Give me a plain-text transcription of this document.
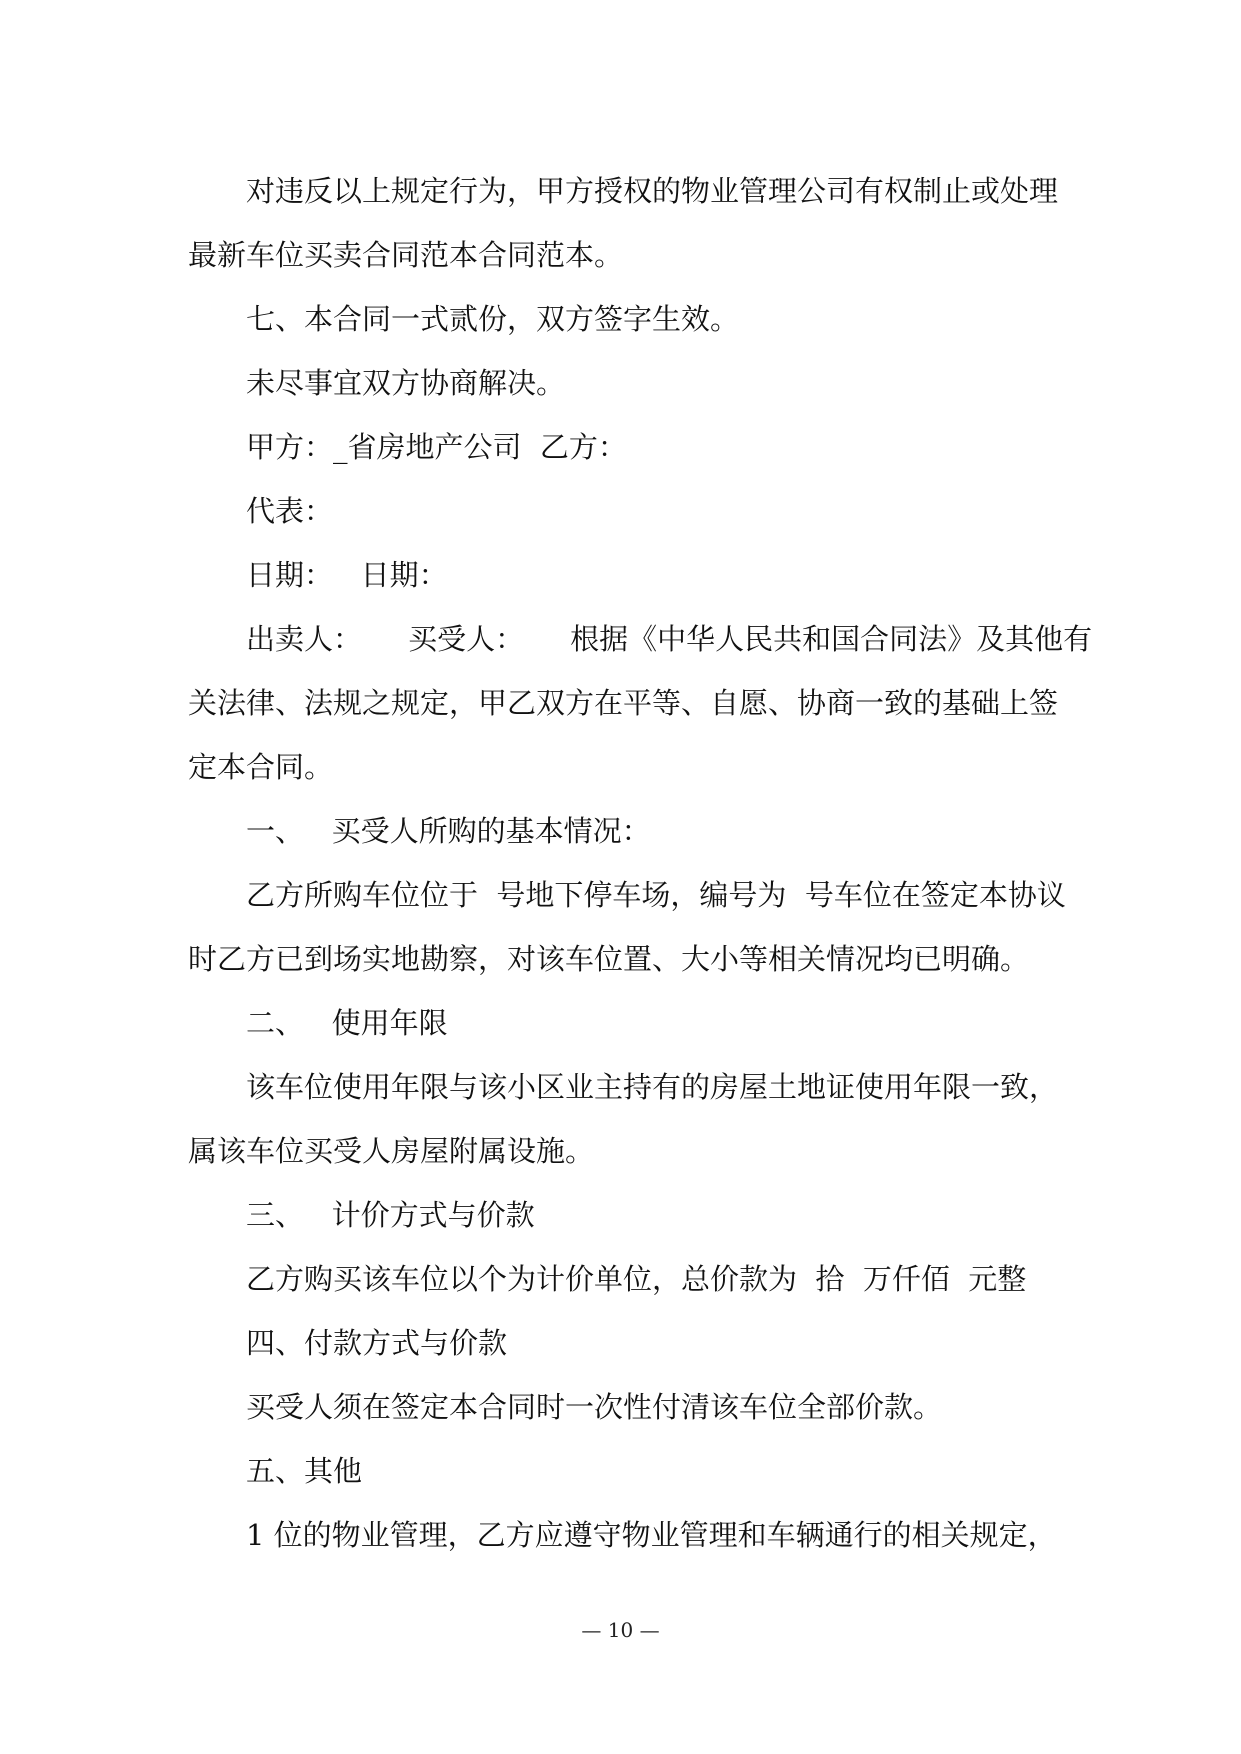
对违反以上规定行为，甲方授权的物业管理公司有权制止或处理

最新车位买卖合同范本合同范本。

七、本合同一式贰份，双方签字生效。

未尽事宜双方协商解决。

甲方：_省房地产公司  乙方：

代表：

日期：   日期：

出卖人：     买受人：     根据《中华人民共和国合同法》及其他有

关法律、法规之规定，甲乙双方在平等、自愿、协商一致的基础上签

定本合同。

一、   买受人所购的基本情况：

乙方所购车位位于  号地下停车场，编号为  号车位在签定本协议

时乙方已到场实地勘察，对该车位置、大小等相关情况均已明确。

二、   使用年限

该车位使用年限与该小区业主持有的房屋土地证使用年限一致，

属该车位买受人房屋附属设施。

三、   计价方式与价款

乙方购买该车位以个为计价单位，总价款为  拾  万仟佰  元整

四、付款方式与价款

买受人须在签定本合同时一次性付清该车位全部价款。

五、其他

1 位的物业管理，乙方应遵守物业管理和车辆通行的相关规定，

— 10 —
